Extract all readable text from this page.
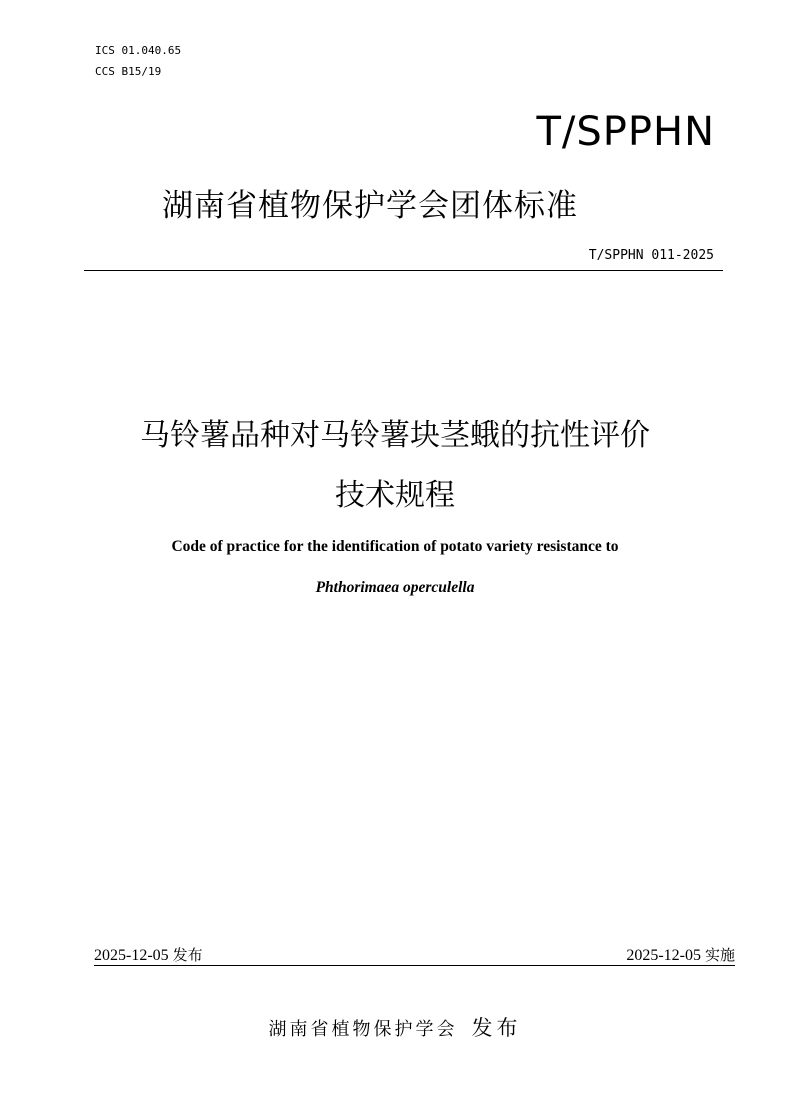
ICS 01.040.65
CCS B15/19
T/SPPHN
湖南省植物保护学会团体标准
T/SPPHN 011-2025
马铃薯品种对马铃薯块茎蛾的抗性评价
技术规程
Code of practice for the identification of potato variety resistance to
Phthorimaea operculella
2025-12-05 发布	2025-12-05 实施
湖南省植物保护学会 发布
